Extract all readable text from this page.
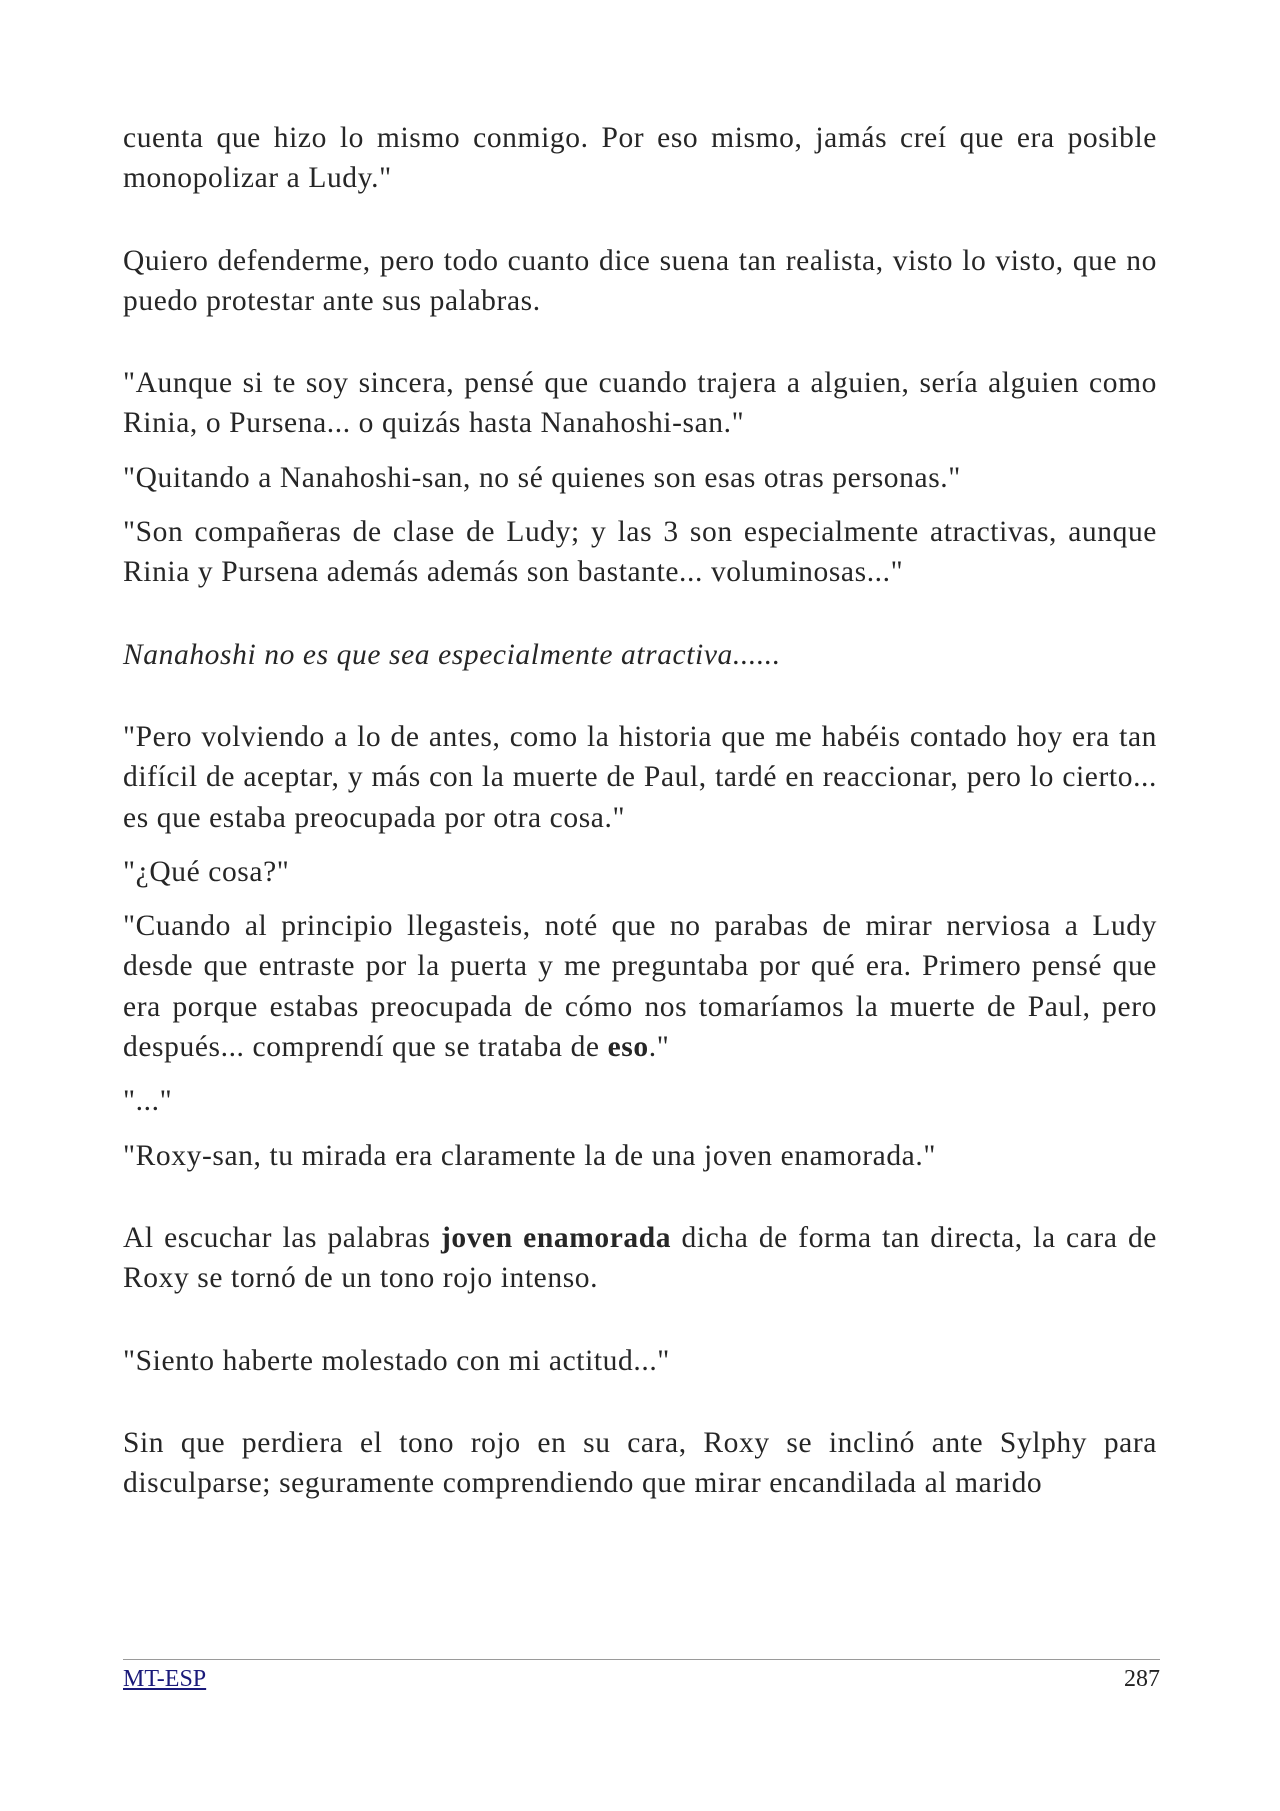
cuenta que hizo lo mismo conmigo. Por eso mismo, jamás creí que era posible monopolizar a Ludy."

Quiero defenderme, pero todo cuanto dice suena tan realista, visto lo visto, que no puedo protestar ante sus palabras.

"Aunque si te soy sincera, pensé que cuando trajera a alguien, sería alguien como Rinia, o Pursena... o quizás hasta Nanahoshi-san."

"Quitando a Nanahoshi-san, no sé quienes son esas otras personas."

"Son compañeras de clase de Ludy; y las 3 son especialmente atractivas, aunque Rinia y Pursena además además son bastante... voluminosas..."

Nanahoshi no es que sea especialmente atractiva......

"Pero volviendo a lo de antes, como la historia que me habéis contado hoy era tan difícil de aceptar, y más con la muerte de Paul, tardé en reaccionar, pero lo cierto... es que estaba preocupada por otra cosa."

"¿Qué cosa?"

"Cuando al principio llegasteis, noté que no parabas de mirar nerviosa a Ludy desde que entraste por la puerta y me preguntaba por qué era. Primero pensé que era porque estabas preocupada de cómo nos tomaríamos la muerte de Paul, pero después... comprendí que se trataba de eso."

"..."

"Roxy-san, tu mirada era claramente la de una joven enamorada."

Al escuchar las palabras joven enamorada dicha de forma tan directa, la cara de Roxy se tornó de un tono rojo intenso.

"Siento haberte molestado con mi actitud..."

Sin que perdiera el tono rojo en su cara, Roxy se inclinó ante Sylphy para disculparse; seguramente comprendiendo que mirar encandilada al marido

MT-ESP	287
